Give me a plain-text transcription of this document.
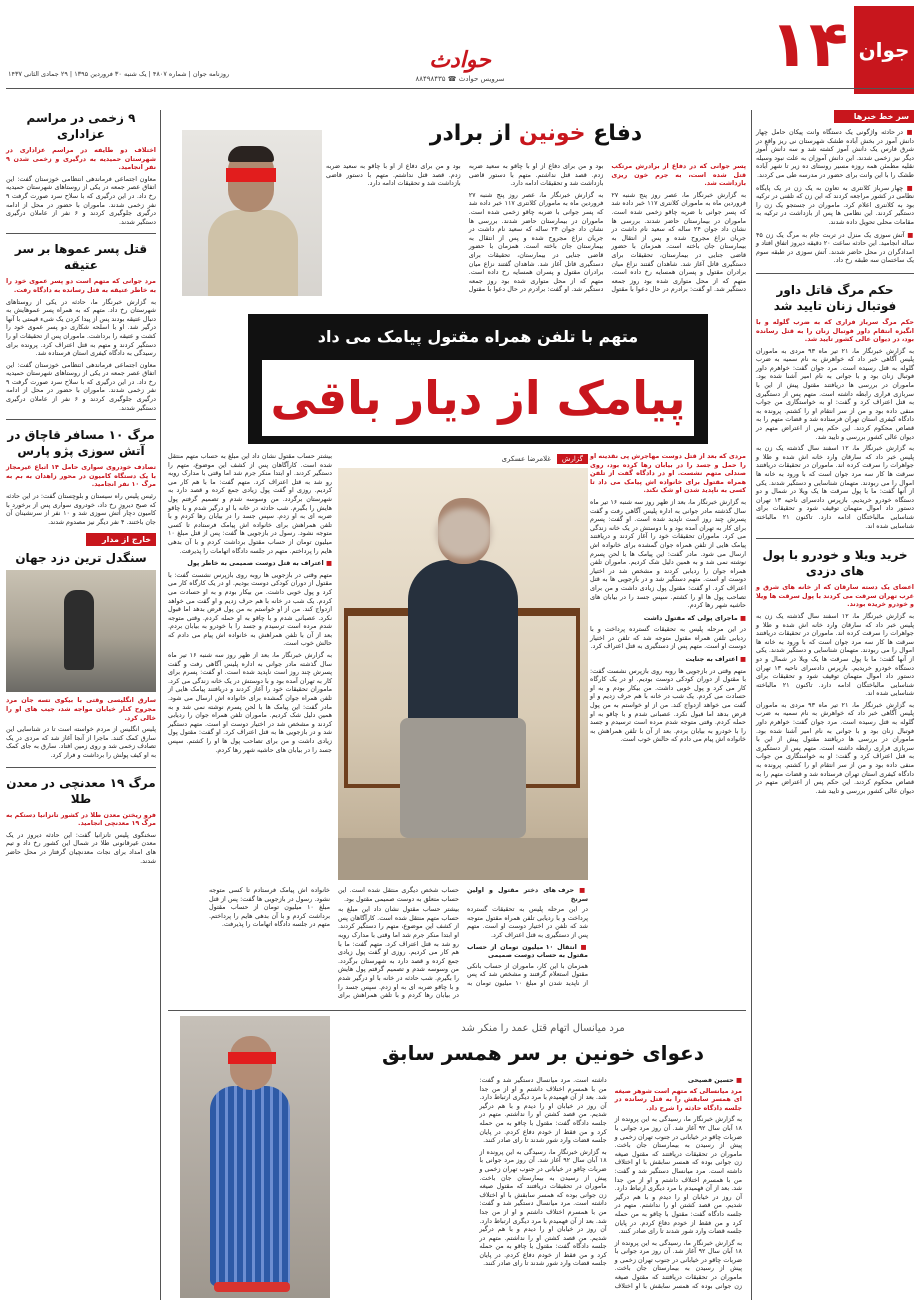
جوان
۱۴
حوادث
سرویس حوادث ☎ ۸۸۴۹۸۴۳۵
روزنامه جوان | شماره ۴۸۰۷ | یک شنبه ۳۰ فروردین ۱۳۹۵ | ۲۹ جمادی الثانی ۱۴۳۷
سر خط خبرها
■ در حادثه واژگونی یک دستگاه وانت پیکان حامل چهار دانش آموز در بخش آباده طشک شهرستان نی ریز واقع در شرق فارس یک دانش آموز کشته شد و سه دانش آموز دیگر نیز زخمی شدند. این دانش آموزان به علت نبود وسیله نقلیه مطمئن همه روزه مسیر روستای ده زیر تا شهر آباده طشک را با این وانت برای حضور در مدرسه طی می کردند.
■ چهار سرباز کلانتری به تعاون به یک زن در یک پایگاه نظامی در کشور مراجعه کردند که این زن که تلفنی در ترکیه بود به کلانتری اعلام کرد. ماموران در جستجو یک زن را دستگیر کردند. این نظامی ها پس از بازداشت در ترکیه به مقامات محلی تحویل داده شدند.
■ آتش سوزی یک منزل در تربت جام به مرگ یک زن ۴۵ ساله انجامید. این حادثه ساعت ۲۰ دقیقه دیروز اتفاق افتاد و امدادگران در محل حاضر شدند. آتش سوزی در طبقه سوم یک ساختمان سه طبقه رخ داد.
حکم مرگ قاتل داور فوتبال زنان تایید شد
حکم مرگ سرباز فراری که به ضرب گلوله و با انگیزه انتقام داور فوتبال زنان را به قتل رسانده بود، در دیوان عالی کشور تایید شد.
به گزارش خبرنگار ما، ۲۱ تیر ماه ۹۳ مردی به ماموران پلیس آگاهی خبر داد که خواهرش به نام سمیه به ضرب گلوله به قتل رسیده است. مرد جوان گفت: خواهرم داور فوتبال زنان بود و با جوانی به نام امیر آشنا شده بود. ماموران در بررسی ها دریافتند مقتول پیش از این با سربازی فراری رابطه داشته است. متهم پس از دستگیری به قتل اعتراف کرد و گفت: او به خواستگاری من جواب منفی داده بود و من از سر انتقام او را کشتم. پرونده به دادگاه کیفری استان تهران فرستاده شد و قضات متهم را به قصاص محکوم کردند. این حکم پس از اعتراض متهم در دیوان عالی کشور بررسی و تایید شد.
به گزارش خبرنگار ما، ۱۲ اسفند سال گذشته یک زن به پلیس خبر داد که سارقان وارد خانه اش شده و طلا و جواهرات را سرقت کرده اند. ماموران در تحقیقات دریافتند سرقت ها کار سه مرد جوان است که با ورود به خانه ها اموال را می ربودند. متهمان شناسایی و دستگیر شدند. یکی از آنها گفت: ما با پول سرقت ها یک ویلا در شمال و دو دستگاه خودرو خریدیم. بازپرس دادسرای ناحیه ۱۳ تهران دستور داد اموال متهمان توقیف شود و تحقیقات برای شناسایی مالباختگان ادامه دارد. تاکنون ۲۱ مالباخته شناسایی شده اند.
خرید ویلا و خودرو با پول های دزدی
اعضای یک دسته سارقان که از خانه های شرق و غرب تهران سرقت می کردند با پول سرقت ها ویلا و خودرو خریده بودند.
به گزارش خبرنگار ما، ۱۲ اسفند سال گذشته یک زن به پلیس خبر داد که سارقان وارد خانه اش شده و طلا و جواهرات را سرقت کرده اند. ماموران در تحقیقات دریافتند سرقت ها کار سه مرد جوان است که با ورود به خانه ها اموال را می ربودند. متهمان شناسایی و دستگیر شدند. یکی از آنها گفت: ما با پول سرقت ها یک ویلا در شمال و دو دستگاه خودرو خریدیم. بازپرس دادسرای ناحیه ۱۳ تهران دستور داد اموال متهمان توقیف شود و تحقیقات برای شناسایی مالباختگان ادامه دارد. تاکنون ۲۱ مالباخته شناسایی شده اند.
به گزارش خبرنگار ما، ۲۱ تیر ماه ۹۳ مردی به ماموران پلیس آگاهی خبر داد که خواهرش به نام سمیه به ضرب گلوله به قتل رسیده است. مرد جوان گفت: خواهرم داور فوتبال زنان بود و با جوانی به نام امیر آشنا شده بود. ماموران در بررسی ها دریافتند مقتول پیش از این با سربازی فراری رابطه داشته است. متهم پس از دستگیری به قتل اعتراف کرد و گفت: او به خواستگاری من جواب منفی داده بود و من از سر انتقام او را کشتم. پرونده به دادگاه کیفری استان تهران فرستاده شد و قضات متهم را به قصاص محکوم کردند. این حکم پس از اعتراض متهم در دیوان عالی کشور بررسی و تایید شد.
۹ زخمی در مراسم عزاداری
اختلاف دو طایفه در مراسم عزاداری در شهرستان حمیدیه به درگیری و زخمی شدن ۹ نفر انجامید.
معاون اجتماعی فرماندهی انتظامی خوزستان گفت: این اتفاق عصر جمعه در یکی از روستاهای شهرستان حمیدیه رخ داد. در این درگیری که با سلاح سرد صورت گرفت ۹ نفر زخمی شدند. ماموران با حضور در محل از ادامه درگیری جلوگیری کردند و ۶ نفر از عاملان درگیری دستگیر شدند.
قتل پسر عموها بر سر عتیقه
مرد جوانی که متهم است دو پسر عموی خود را به خاطر عتیقه به قتل رسانده به دادگاه رفت.
به گزارش خبرنگار ما، حادثه در یکی از روستاهای شهرستان رخ داد. متهم که به همراه پسر عموهایش به دنبال عتیقه بودند پس از پیدا کردن یک شیء قیمتی با آنها درگیر شد. او با اسلحه شکاری دو پسر عموی خود را کشت و عتیقه را برداشت. ماموران پس از تحقیقات او را دستگیر کردند و متهم به قتل اعتراف کرد. پرونده برای رسیدگی به دادگاه کیفری استان فرستاده شد.
معاون اجتماعی فرماندهی انتظامی خوزستان گفت: این اتفاق عصر جمعه در یکی از روستاهای شهرستان حمیدیه رخ داد. در این درگیری که با سلاح سرد صورت گرفت ۹ نفر زخمی شدند. ماموران با حضور در محل از ادامه درگیری جلوگیری کردند و ۶ نفر از عاملان درگیری دستگیر شدند.
مرگ ۱۰ مسافر قاچاق در آتش سوزی پژو پارس
تصادف خودروی سواری حامل ۱۴ اتباع غیرمجاز با یک دستگاه کامیون در محور زاهدان به بم به مرگ ۱۰ نفر انجامید.
رئیس پلیس راه سیستان و بلوچستان گفت: در این حادثه که صبح دیروز رخ داد، خودروی سواری پس از برخورد با کامیون دچار آتش سوزی شد و ۱۰ نفر از سرنشینان آن جان باختند. ۴ نفر دیگر نیز مصدوم شدند.
خارج از مدار
سنگدل ترین دزد جهان
سارق انگلیسی وقتی با بیکوی تسه جان مرد مجروح کنار خیابان مواجه شد، جیب های او را خالی کرد.
پلیس انگلیس از مردم خواسته است تا در شناسایی این سارق کمک کنند. ماجرا از آنجا آغاز شد که مردی در یک تصادف زخمی شد و روی زمین افتاد. سارق به جای کمک به او کیف پولش را برداشت و فرار کرد.
مرگ ۱۹ معدنچی در معدن طلا
فرو ریختن معدن طلا در کشور تانزانیا دستکم به مرگ ۱۹ معدنچی انجامید.
سخنگوی پلیس تانزانیا گفت: این حادثه دیروز در یک معدن غیرقانونی طلا در شمال این کشور رخ داد و تیم های امداد برای نجات معدنچیان گرفتار در محل حاضر شدند.
دفاع خونین از برادر
پسر جوانی که در دفاع از برادرش مرتکب قتل شده است، به جرم خون ریزی بازداشت شد.
به گزارش خبرنگار ما، عصر روز پنج شنبه ۲۷ فروردین ماه به ماموران کلانتری ۱۱۷ خبر داده شد که پسر جوانی با ضربه چاقو زخمی شده است. ماموران در بیمارستان حاضر شدند. بررسی ها نشان داد جوان ۲۴ ساله که سعید نام داشت در جریان نزاع مجروح شده و پس از انتقال به بیمارستان جان باخته است. همزمان با حضور قاضی جنایی در بیمارستان، تحقیقات برای دستگیری قاتل آغاز شد. شاهدان گفتند نزاع میان برادران مقتول و پسران همسایه رخ داده است. متهم که از محل متواری شده بود روز جمعه دستگیر شد. او گفت: برادرم در حال دعوا با مقتول بود و من برای دفاع از او با چاقو به سعید ضربه زدم. قصد قتل نداشتم. متهم با دستور قاضی بازداشت شد و تحقیقات ادامه دارد.
به گزارش خبرنگار ما، عصر روز پنج شنبه ۲۷ فروردین ماه به ماموران کلانتری ۱۱۷ خبر داده شد که پسر جوانی با ضربه چاقو زخمی شده است. ماموران در بیمارستان حاضر شدند. بررسی ها نشان داد جوان ۲۴ ساله که سعید نام داشت در جریان نزاع مجروح شده و پس از انتقال به بیمارستان جان باخته است. همزمان با حضور قاضی جنایی در بیمارستان، تحقیقات برای دستگیری قاتل آغاز شد. شاهدان گفتند نزاع میان برادران مقتول و پسران همسایه رخ داده است. متهم که از محل متواری شده بود روز جمعه دستگیر شد. او گفت: برادرم در حال دعوا با مقتول بود و من برای دفاع از او با چاقو به سعید ضربه زدم. قصد قتل نداشتم. متهم با دستور قاضی بازداشت شد و تحقیقات ادامه دارد.
متهم با تلفن همراه مقتول پیامک می داد
پیامک از دیار باقی
مردی که بعد از قتل دوست مهاجرش پی نقدینه او را حمل و جسد را در بیابان رها کرده بود، روی صندلی متهم نشست. او در دادگاه گفت از تلفن همراه مقتول برای خانواده اش پیامک می داد تا کسی به ناپدید شدن او شک نکند.
به گزارش خبرنگار ما، بعد از ظهر روز سه شنبه ۱۶ تیر ماه سال گذشته مادر جوانی به اداره پلیس آگاهی رفت و گفت پسرش چند روز است ناپدید شده است. او گفت: پسرم برای کار به تهران آمده بود و با دوستش در یک خانه زندگی می کرد. ماموران تحقیقات خود را آغاز کردند و دریافتند پیامک هایی از تلفن همراه جوان گمشده برای خانواده اش ارسال می شود. مادر گفت: این پیامک ها با لحن پسرم نوشته نمی شد و به همین دلیل شک کردیم. ماموران تلفن همراه جوان را ردیابی کردند و مشخص شد در اختیار دوست او است. متهم دستگیر شد و در بازجویی ها به قتل اعتراف کرد. او گفت: مقتول پول زیادی داشت و من برای تصاحب پول ها او را کشتم. سپس جسد را در بیابان های حاشیه شهر رها کردم.
■ ماجرای پولی که مقتول داشت
در این مرحله پلیس به تحقیقات گسترده پرداخت و با ردیابی تلفن همراه مقتول متوجه شد که تلفن در اختیار دوست او است. متهم پس از دستگیری به قتل اعتراف کرد.
■ اعتراف به جنایت
متهم وقتی در بازجویی ها روبه روی بازپرس نشست گفت: با مقتول از دوران کودکی دوست بودیم. او در یک کارگاه کار می کرد و پول خوبی داشت. من بیکار بودم و به او حسادت می کردم. یک شب در خانه با هم حرف زدیم و او گفت می خواهد ازدواج کند. من از او خواستم به من پول قرض بدهد اما قبول نکرد. عصبانی شدم و با چاقو به او حمله کردم. وقتی متوجه شدم مرده است ترسیدم و جسد را با خودرو به بیابان بردم. بعد از آن با تلفن همراهش به خانواده اش پیام می دادم که حالش خوب است.
گزارش
غلامرضا عسکری
بیشتر حساب مقتول نشان داد این مبلغ به حساب متهم منتقل شده است. کارآگاهان پس از کشف این موضوع، متهم را دستگیر کردند. او ابتدا منکر جرم شد اما وقتی با مدارک روبه رو شد به قتل اعتراف کرد. متهم گفت: ما با هم کار می کردیم. روزی او گفت پول زیادی جمع کرده و قصد دارد به شهرستان برگردد. من وسوسه شدم و تصمیم گرفتم پول هایش را بگیرم. شب حادثه در خانه با او درگیر شدم و با چاقو ضربه ای به او زدم. سپس جسد را در بیابان رها کردم و با تلفن همراهش برای خانواده اش پیامک فرستادم تا کسی متوجه نشود. رسول در بازجویی ها گفت: پس از قتل مبلغ ۱۰ میلیون تومان از حساب مقتول برداشت کردم و با آن بدهی هایم را پرداختم. متهم در جلسه دادگاه اتهامات را پذیرفت.
■ اعتراف به قتل دوست صمیمی به خاطر پول
متهم وقتی در بازجویی ها روبه روی بازپرس نشست گفت: با مقتول از دوران کودکی دوست بودیم. او در یک کارگاه کار می کرد و پول خوبی داشت. من بیکار بودم و به او حسادت می کردم. یک شب در خانه با هم حرف زدیم و او گفت می خواهد ازدواج کند. من از او خواستم به من پول قرض بدهد اما قبول نکرد. عصبانی شدم و با چاقو به او حمله کردم. وقتی متوجه شدم مرده است ترسیدم و جسد را با خودرو به بیابان بردم. بعد از آن با تلفن همراهش به خانواده اش پیام می دادم که حالش خوب است.
به گزارش خبرنگار ما، بعد از ظهر روز سه شنبه ۱۶ تیر ماه سال گذشته مادر جوانی به اداره پلیس آگاهی رفت و گفت پسرش چند روز است ناپدید شده است. او گفت: پسرم برای کار به تهران آمده بود و با دوستش در یک خانه زندگی می کرد. ماموران تحقیقات خود را آغاز کردند و دریافتند پیامک هایی از تلفن همراه جوان گمشده برای خانواده اش ارسال می شود. مادر گفت: این پیامک ها با لحن پسرم نوشته نمی شد و به همین دلیل شک کردیم. ماموران تلفن همراه جوان را ردیابی کردند و مشخص شد در اختیار دوست او است. متهم دستگیر شد و در بازجویی ها به قتل اعتراف کرد. او گفت: مقتول پول زیادی داشت و من برای تصاحب پول ها او را کشتم. سپس جسد را در بیابان های حاشیه شهر رها کردم.
■ حرف های دختر مقتول و اولین سرنخ
در این مرحله پلیس به تحقیقات گسترده پرداخت و با ردیابی تلفن همراه مقتول متوجه شد که تلفن در اختیار دوست او است. متهم پس از دستگیری به قتل اعتراف کرد.
■ انتقال ۱۰ میلیون تومان از حساب مقتول به حساب دوست صمیمی
همزمان با این کار، ماموران از حساب بانکی مقتول استعلام گرفتند و مشخص شد که پس از ناپدید شدن او مبلغ ۱۰ میلیون تومان به حساب شخص دیگری منتقل شده است. این حساب متعلق به دوست صمیمی مقتول بود.
بیشتر حساب مقتول نشان داد این مبلغ به حساب متهم منتقل شده است. کارآگاهان پس از کشف این موضوع، متهم را دستگیر کردند. او ابتدا منکر جرم شد اما وقتی با مدارک روبه رو شد به قتل اعتراف کرد. متهم گفت: ما با هم کار می کردیم. روزی او گفت پول زیادی جمع کرده و قصد دارد به شهرستان برگردد. من وسوسه شدم و تصمیم گرفتم پول هایش را بگیرم. شب حادثه در خانه با او درگیر شدم و با چاقو ضربه ای به او زدم. سپس جسد را در بیابان رها کردم و با تلفن همراهش برای خانواده اش پیامک فرستادم تا کسی متوجه نشود. رسول در بازجویی ها گفت: پس از قتل مبلغ ۱۰ میلیون تومان از حساب مقتول برداشت کردم و با آن بدهی هایم را پرداختم. متهم در جلسه دادگاه اتهامات را پذیرفت.
مرد میانسال اتهام قتل عمد را منکر شد
دعوای خونین بر سر همسر سابق
■ حسین فصیحی
مرد میانسالی که متهم است شوهر صیغه ای همسر سابقش را به قتل رسانده در جلسه دادگاه حادثه را شرح داد.
به گزارش خبرنگار ما، رسیدگی به این پرونده از ۱۸ آبان سال ۹۲ آغاز شد. آن روز مرد جوانی با ضربات چاقو در خیابانی در جنوب تهران زخمی و پیش از رسیدن به بیمارستان جان باخت. ماموران در تحقیقات دریافتند که مقتول صیغه زن جوانی بوده که همسر سابقش با او اختلاف داشته است. مرد میانسال دستگیر شد و گفت: من با همسرم اختلاف داشتم و او از من جدا شد. بعد از آن فهمیدم با مرد دیگری ارتباط دارد. آن روز در خیابان او را دیدم و با هم درگیر شدیم. من قصد کشتن او را نداشتم. متهم در جلسه دادگاه گفت: مقتول با چاقو به من حمله کرد و من فقط از خودم دفاع کردم. در پایان جلسه قضات وارد شور شدند تا رای صادر کنند.
به گزارش خبرنگار ما، رسیدگی به این پرونده از ۱۸ آبان سال ۹۲ آغاز شد. آن روز مرد جوانی با ضربات چاقو در خیابانی در جنوب تهران زخمی و پیش از رسیدن به بیمارستان جان باخت. ماموران در تحقیقات دریافتند که مقتول صیغه زن جوانی بوده که همسر سابقش با او اختلاف داشته است. مرد میانسال دستگیر شد و گفت: من با همسرم اختلاف داشتم و او از من جدا شد. بعد از آن فهمیدم با مرد دیگری ارتباط دارد. آن روز در خیابان او را دیدم و با هم درگیر شدیم. من قصد کشتن او را نداشتم. متهم در جلسه دادگاه گفت: مقتول با چاقو به من حمله کرد و من فقط از خودم دفاع کردم. در پایان جلسه قضات وارد شور شدند تا رای صادر کنند.
به گزارش خبرنگار ما، رسیدگی به این پرونده از ۱۸ آبان سال ۹۲ آغاز شد. آن روز مرد جوانی با ضربات چاقو در خیابانی در جنوب تهران زخمی و پیش از رسیدن به بیمارستان جان باخت. ماموران در تحقیقات دریافتند که مقتول صیغه زن جوانی بوده که همسر سابقش با او اختلاف داشته است. مرد میانسال دستگیر شد و گفت: من با همسرم اختلاف داشتم و او از من جدا شد. بعد از آن فهمیدم با مرد دیگری ارتباط دارد. آن روز در خیابان او را دیدم و با هم درگیر شدیم. من قصد کشتن او را نداشتم. متهم در جلسه دادگاه گفت: مقتول با چاقو به من حمله کرد و من فقط از خودم دفاع کردم. در پایان جلسه قضات وارد شور شدند تا رای صادر کنند.
